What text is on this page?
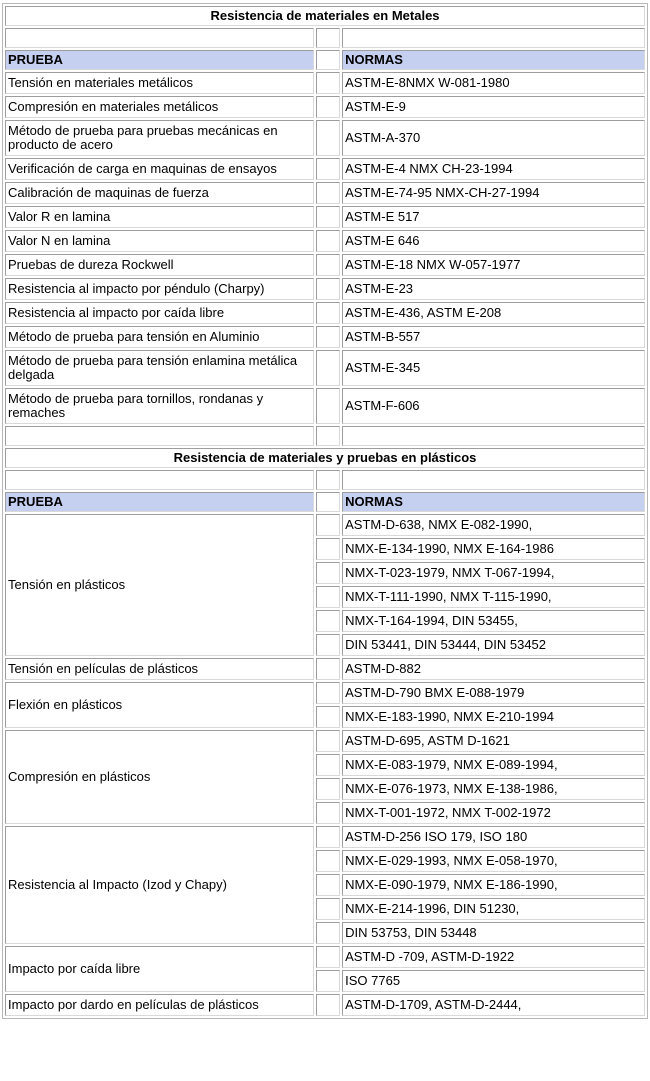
Resistencia de materiales en Metales		

PRUEBA		NORMAS
Tensión en materiales metálicos		ASTM-E-8NMX W-081-1980
Compresión en materiales metálicos		ASTM-E-9
Método de prueba para pruebas mecánicas en producto de acero		ASTM-A-370
Verificación de carga en maquinas de ensayos		ASTM-E-4 NMX CH-23-1994
Calibración de maquinas de fuerza		ASTM-E-74-95 NMX-CH-27-1994
Valor R en lamina		ASTM-E 517
Valor N en lamina		ASTM-E 646
Pruebas de dureza Rockwell		ASTM-E-18 NMX W-057-1977
Resistencia al impacto por péndulo (Charpy)		ASTM-E-23
Resistencia al impacto por caída libre		ASTM-E-436, ASTM E-208
Método de prueba para tensión en Aluminio		ASTM-B-557
Método de prueba para tensión enlamina metálica delgada		ASTM-E-345
Método de prueba para tornillos, rondanas y remaches		ASTM-F-606

Resistencia de materiales y pruebas en plásticos		

PRUEBA		NORMAS
Tensión en plásticos		ASTM-D-638, NMX E-082-1990,
		NMX-E-134-1990, NMX E-164-1986
		NMX-T-023-1979, NMX T-067-1994,
		NMX-T-111-1990, NMX T-115-1990,
		NMX-T-164-1994, DIN 53455,
		DIN 53441, DIN 53444, DIN 53452
Tensión en películas de plásticos		ASTM-D-882
Flexión en plásticos		ASTM-D-790 BMX E-088-1979
		NMX-E-183-1990, NMX E-210-1994
Compresión en plásticos		ASTM-D-695, ASTM D-1621
		NMX-E-083-1979, NMX E-089-1994,
		NMX-E-076-1973, NMX E-138-1986,
		NMX-T-001-1972, NMX T-002-1972
Resistencia al Impacto (Izod y Chapy)		ASTM-D-256 ISO 179, ISO 180
		NMX-E-029-1993, NMX E-058-1970,
		NMX-E-090-1979, NMX E-186-1990,
		NMX-E-214-1996, DIN 51230,
		DIN 53753, DIN 53448
Impacto por caída libre		ASTM-D -709, ASTM-D-1922
		ISO 7765
Impacto por dardo en películas de plásticos		ASTM-D-1709, ASTM-D-2444,
